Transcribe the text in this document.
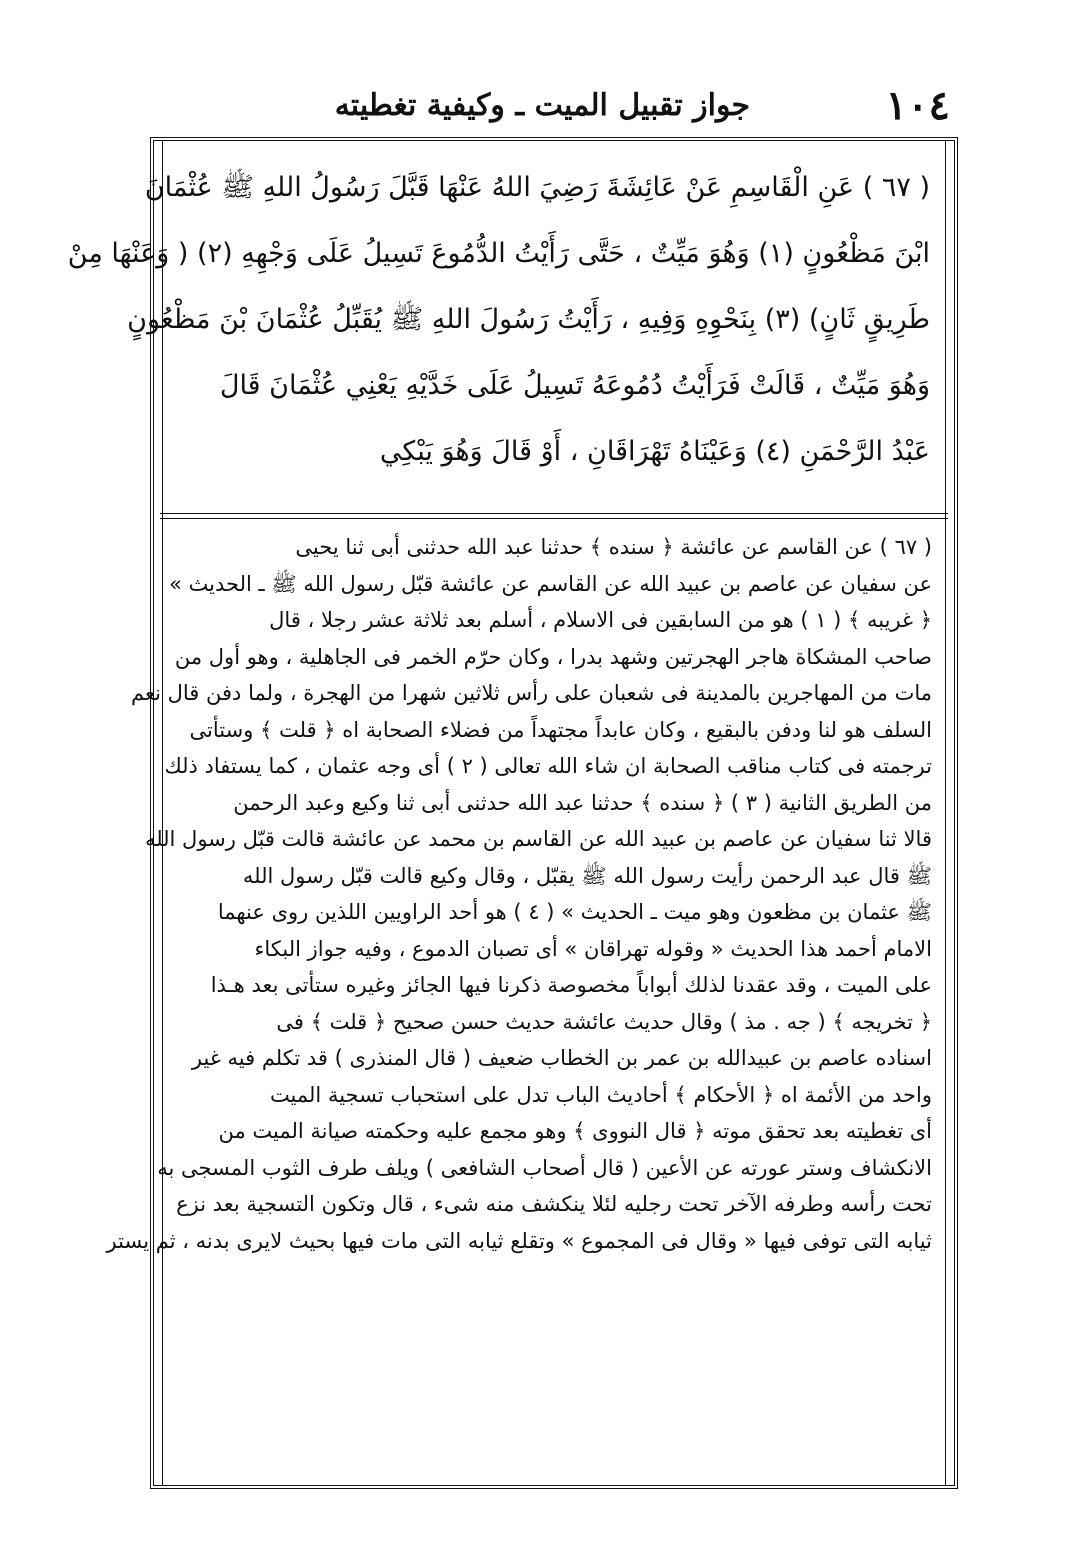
١٠٤
جواز تقبيل الميت ـ وكيفية تغطيته
( ٦٧ ) عَنِ الْقَاسِمِ عَنْ عَائِشَةَ رَضِيَ اللهُ عَنْهَا قَبَّلَ رَسُولُ اللهِ ﷺ عُثْمَانَ
ابْنَ مَظْعُونٍ (١) وَهُوَ مَيِّتٌ ، حَتَّى رَأَيْتُ الدُّمُوعَ تَسِيلُ عَلَى وَجْهِهِ (٢) ( وَعَنْهَا مِنْ
طَرِيقٍ ثَانٍ) (٣) بِنَحْوِهِ وَفِيهِ ، رَأَيْتُ رَسُولَ اللهِ ﷺ يُقَبِّلُ عُثْمَانَ بْنَ مَظْعُونٍ
وَهُوَ مَيِّتٌ ، قَالَتْ فَرَأَيْتُ دُمُوعَهُ تَسِيلُ عَلَى خَدَّيْهِ يَعْنِي عُثْمَانَ قَالَ
عَبْدُ الرَّحْمَنِ (٤) وَعَيْنَاهُ تَهْرَاقَانِ ، أَوْ قَالَ وَهُوَ يَبْكِي
( ٦٧ ) عن القاسم عن عائشة ﴿ سنده ﴾ حدثنا عبد الله حدثنى أبى ثنا يحيى
عن سفيان عن عاصم بن عبيد الله عن القاسم عن عائشة قبّل رسول الله ﷺ ـ الحديث »
﴿ غريبه ﴾ ( ١ ) هو من السابقين فى الاسلام ، أسلم بعد ثلاثة عشر رجلا ، قال
صاحب المشكاة هاجر الهجرتين وشهد بدرا ، وكان حرّم الخمر فى الجاهلية ، وهو أول من
مات من المهاجرين بالمدينة فى شعبان على رأس ثلاثين شهرا من الهجرة ، ولما دفن قال نعم
السلف هو لنا ودفن بالبقيع ، وكان عابداً مجتهداً من فضلاء الصحابة اه ﴿ قلت ﴾ وستأتى
ترجمته فى كتاب مناقب الصحابة ان شاء الله تعالى ( ٢ ) أى وجه عثمان ، كما يستفاد ذلك
من الطريق الثانية ( ٣ ) ﴿ سنده ﴾ حدثنا عبد الله حدثنى أبى ثنا وكيع وعبد الرحمن
قالا ثنا سفيان عن عاصم بن عبيد الله عن القاسم بن محمد عن عائشة قالت قبّل رسول الله
ﷺ قال عبد الرحمن رأيت رسول الله ﷺ يقبّل ، وقال وكيع قالت قبّل رسول الله
ﷺ عثمان بن مظعون وهو ميت ـ الحديث » ( ٤ ) هو أحد الراويين اللذين روى عنهما
الامام أحمد هذا الحديث « وقوله تهراقان » أى تصبان الدموع ، وفيه جواز البكاء
على الميت ، وقد عقدنا لذلك أبواباً مخصوصة ذكرنا فيها الجائز وغيره ستأتى بعد هـذا
﴿ تخريجه ﴾ ( جه . مذ ) وقال حديث عائشة حديث حسن صحيح ﴿ قلت ﴾ فى
اسناده عاصم بن عبيدالله بن عمر بن الخطاب ضعيف ( قال المنذرى ) قد تكلم فيه غير
واحد من الأئمة اه ﴿ الأحكام ﴾ أحاديث الباب تدل على استحباب تسجية الميت
أى تغطيته بعد تحقق موته ﴿ قال النووى ﴾ وهو مجمع عليه وحكمته صيانة الميت من
الانكشاف وستر عورته عن الأعين ( قال أصحاب الشافعى ) ويلف طرف الثوب المسجى به
تحت رأسه وطرفه الآخر تحت رجليه لئلا ينكشف منه شىء ، قال وتكون التسجية بعد نزع
ثيابه التى توفى فيها « وقال فى المجموع » وتقلع ثيابه التى مات فيها بحيث لايرى بدنه ، ثم يستر
